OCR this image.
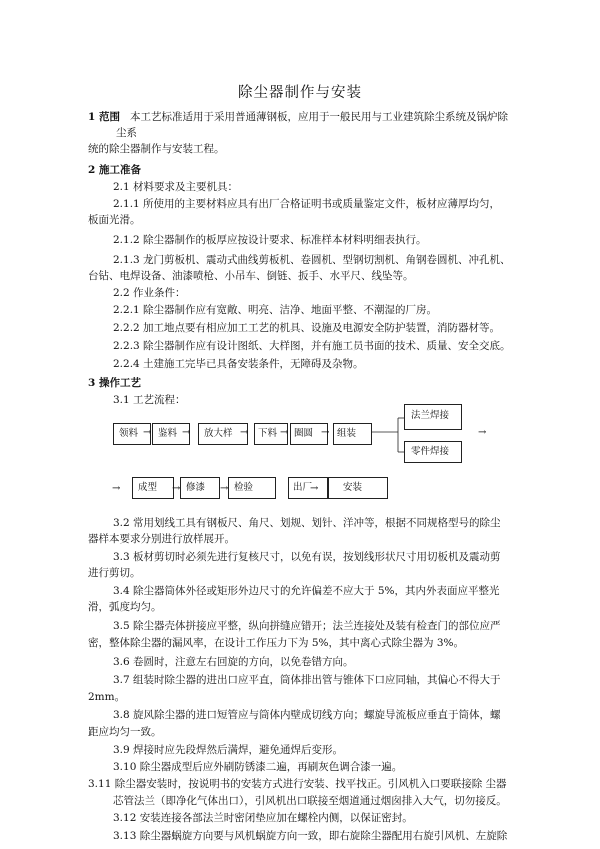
除尘器制作与安装
1 范围 本工艺标准适用于采用普通薄钢板，应用于一般民用与工业建筑除尘系统及锅炉除
尘系
统的除尘器制作与安装工程。
2 施工准备
2.1 材料要求及主要机具：
2.1.1 所使用的主要材料应具有出厂合格证明书或质量鉴定文件，板材应薄厚均匀，
板面光滑。
2.1.2 除尘器制作的板厚应按设计要求、标准样本材料明细表执行。
2.1.3 龙门剪板机、震动式曲线剪板机、卷圆机、型钢切割机、角钢卷圆机、冲孔机、
台钻、电焊设备、油漆喷枪、小吊车、倒链、扳手、水平尺、线坠等。
2.2 作业条件：
2.2.1 除尘器制作应有宽敞、明亮、洁净、地面平整、不潮湿的厂房。
2.2.2 加工地点要有相应加工工艺的机具、设施及电源安全防护装置，消防器材等。
2.2.3 除尘器制作应有设计图纸、大样图，并有施工员书面的技术、质量、安全交底。
2.2.4 土建施工完毕已具备安装条件，无障碍及杂物。
3 操作工艺
3.1 工艺流程：
领料 → 鉴料 → 放大样 → 下料 → 圈圆 → 组装
法兰焊接
零件焊接
→
→ 成型 → 修漆 → 检验	出厂
→	安装
3.2 常用划线工具有钢板尺、角尺、划规、划针、洋冲等，根据不同规格型号的除尘
器样本要求分别进行放样展开。
3.3 板材剪切时必须先进行复核尺寸，以免有误，按划线形状尺寸用切板机及震动剪
进行剪切。
3.4 除尘器筒体外径或矩形外边尺寸的允许偏差不应大于 5%，其内外表面应平整光
滑，弧度均匀。
3.5 除尘器壳体拼接应平整，纵向拼缝应错开；法兰连接处及装有检查门的部位应严
密，整体除尘器的漏风率，在设计工作压力下为 5%，其中离心式除尘器为 3%。
3.6 卷圆时，注意左右回旋的方向，以免卷错方向。
3.7 组装时除尘器的进出口应平直，筒体排出管与锥体下口应同轴，其偏心不得大于
2mm。
3.8 旋风除尘器的进口短管应与筒体内壁成切线方向；螺旋导流板应垂直于筒体，螺
距应均匀一致。
3.9 焊接时应先段焊然后满焊，避免通焊后变形。
3.10 除尘器成型后应外刷防锈漆二遍，再刷灰色调合漆一遍。
3.11 除尘器安装时，按说明书的安装方式进行安装、找平找正。引风机入口要联接除 尘器
芯管法兰（即净化气体出口），引风机出口联接至烟道通过烟囱排入大气，切勿接反。
3.12 安装连接各部法兰时密闭垫应加在螺栓内侧，以保证密封。
3.13 除尘器蜗旋方向要与风机蜗旋方向一致，即右旋除尘器配用右旋引风机、左旋除
